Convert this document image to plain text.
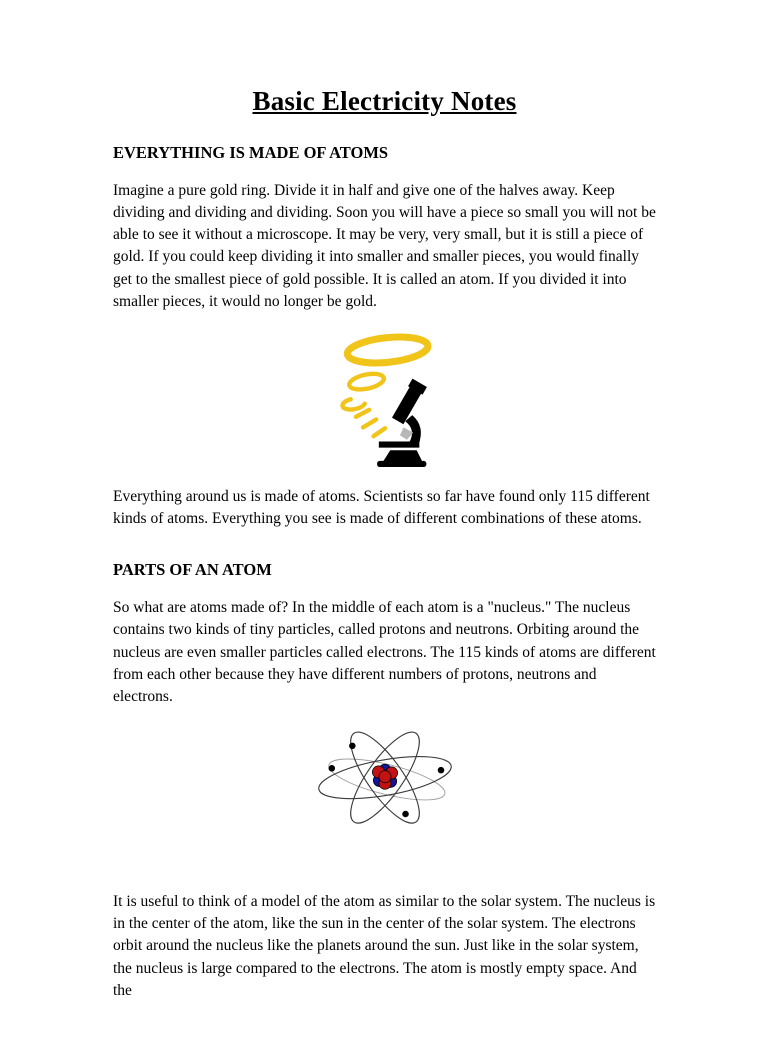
Basic Electricity Notes
EVERYTHING IS MADE OF ATOMS

Imagine a pure gold ring. Divide it in half and give one of the halves away. Keep dividing and dividing and dividing. Soon you will have a piece so small you will not be able to see it without a microscope. It may be very, very small, but it is still a piece of gold. If you could keep dividing it into smaller and smaller pieces, you would finally get to the smallest piece of gold possible. It is called an atom. If you divided it into smaller pieces, it would no longer be gold.

Everything around us is made of atoms. Scientists so far have found only 115 different kinds of atoms. Everything you see is made of different combinations of these atoms.

PARTS OF AN ATOM

So what are atoms made of? In the middle of each atom is a "nucleus." The nucleus contains two kinds of tiny particles, called protons and neutrons. Orbiting around the nucleus are even smaller particles called electrons. The 115 kinds of atoms are different from each other because they have different numbers of protons, neutrons and electrons.

It is useful to think of a model of the atom as similar to the solar system. The nucleus is in the center of the atom, like the sun in the center of the solar system. The electrons orbit around the nucleus like the planets around the sun. Just like in the solar system, the nucleus is large compared to the electrons. The atom is mostly empty space. And the
